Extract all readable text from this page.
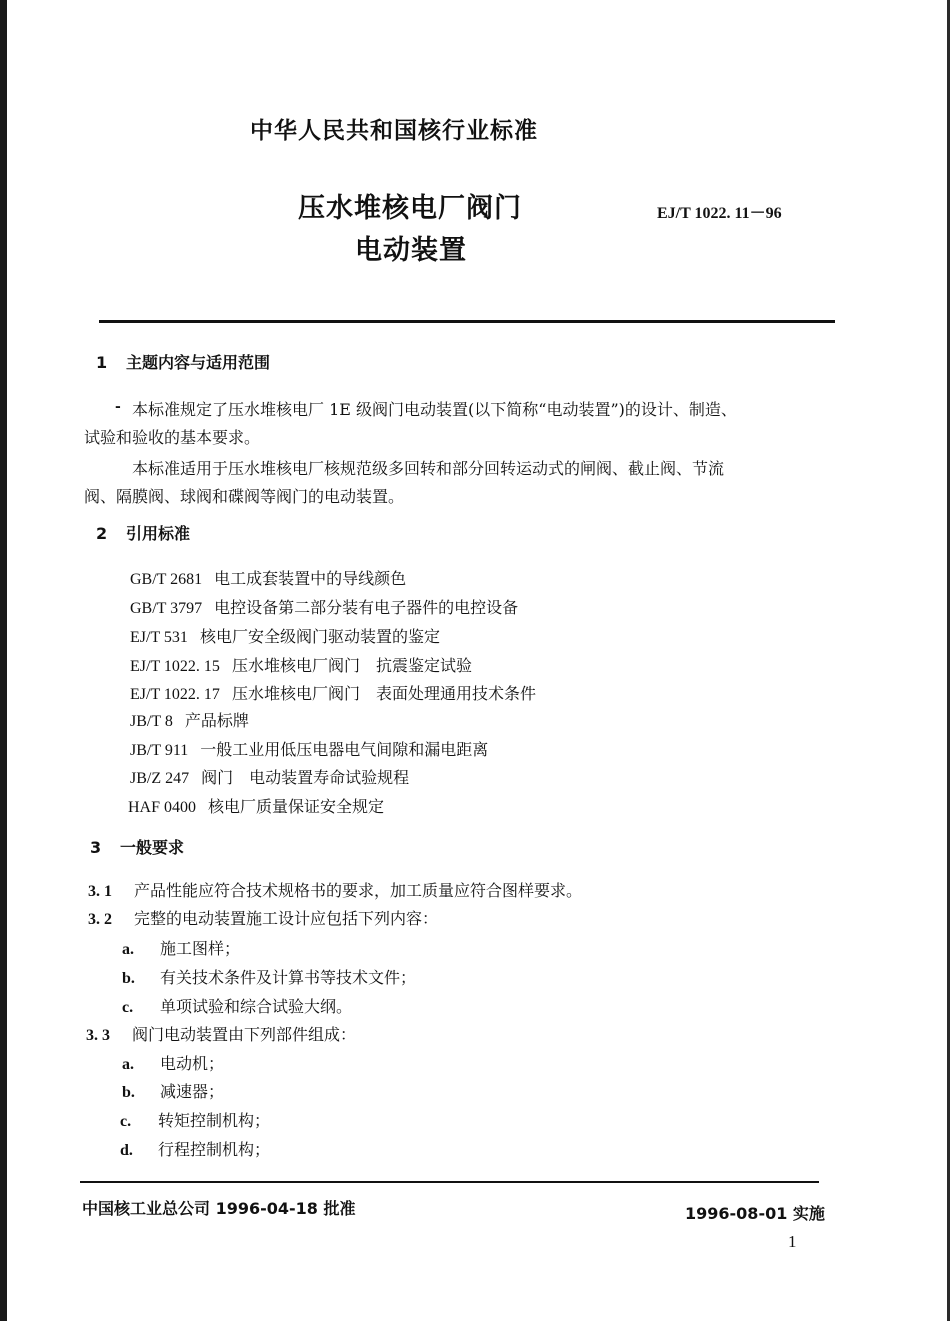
中华人民共和国核行业标准
压水堆核电厂阀门
电动装置
EJ/T 1022. 11－96
1 主题内容与适用范围
- 本标准规定了压水堆核电厂 1E 级阀门电动装置(以下简称“电动装置”)的设计、制造、
试验和验收的基本要求。
本标准适用于压水堆核电厂核规范级多回转和部分回转运动式的闸阀、截止阀、节流
阀、隔膜阀、球阀和碟阀等阀门的电动装置。
2 引用标准
GB/T 2681 电工成套装置中的导线颜色
GB/T 3797 电控设备第二部分装有电子器件的电控设备
EJ/T 531 核电厂安全级阀门驱动装置的鉴定
EJ/T 1022. 15 压水堆核电厂阀门　抗震鉴定试验
EJ/T 1022. 17 压水堆核电厂阀门　表面处理通用技术条件
JB/T 8 产品标牌
JB/T 911 一般工业用低压电器电气间隙和漏电距离
JB/Z 247 阀门　电动装置寿命试验规程
HAF 0400 核电厂质量保证安全规定
3 一般要求
3. 1 产品性能应符合技术规格书的要求，加工质量应符合图样要求。
3. 2 完整的电动装置施工设计应包括下列内容：
a. 施工图样；
b. 有关技术条件及计算书等技术文件；
c. 单项试验和综合试验大纲。
3. 3 阀门电动装置由下列部件组成：
a. 电动机；
b. 减速器；
c. 转矩控制机构；
d. 行程控制机构；
中国核工业总公司 1996-04-18 批准	1996-08-01 实施
1
